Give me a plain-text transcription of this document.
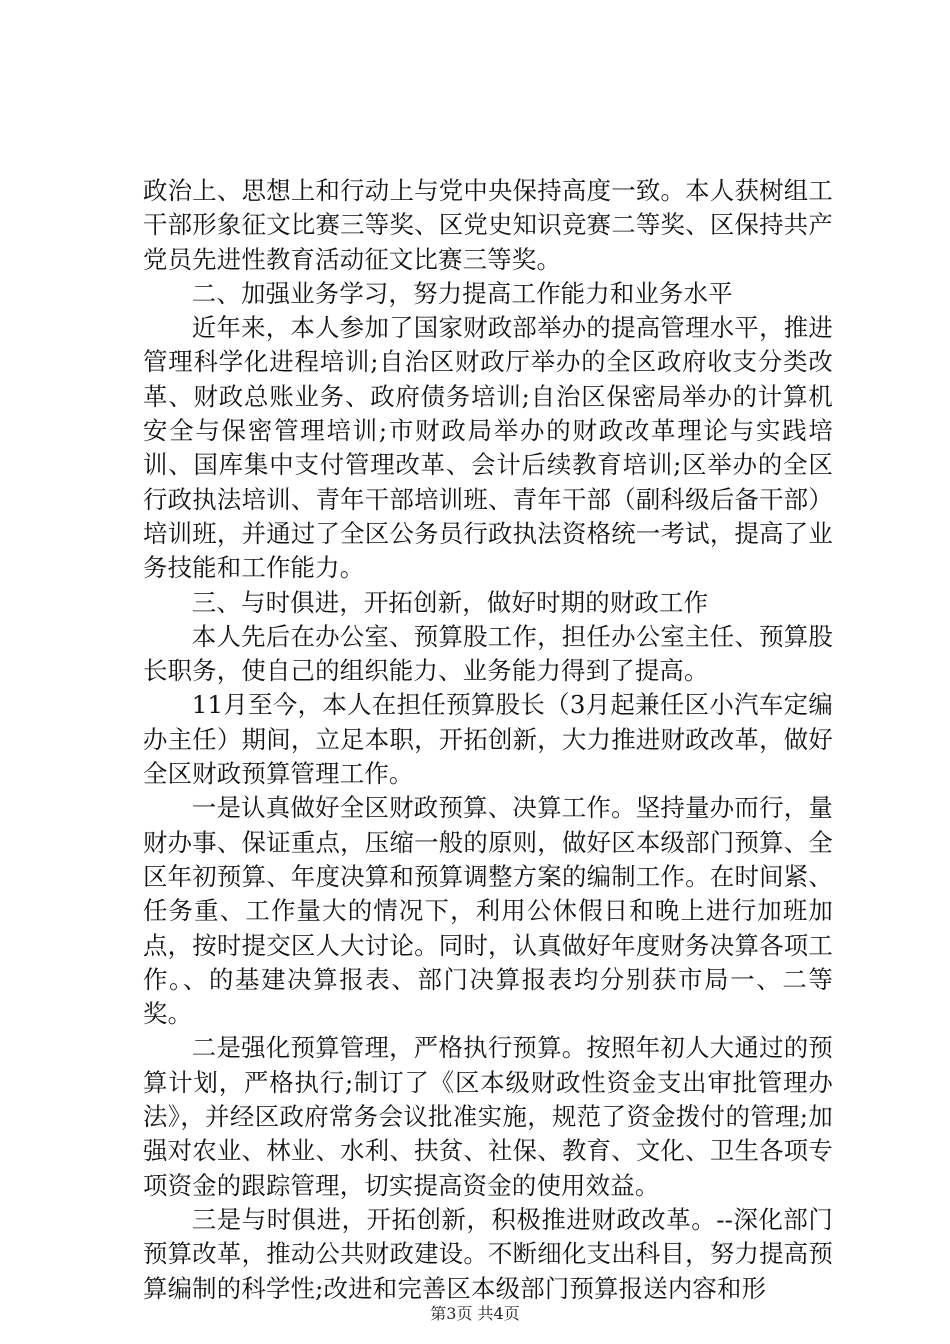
政治上、思想上和行动上与党中央保持高度一致。本人获树组工干部形象征文比赛三等奖、区党史知识竞赛二等奖、区保持共产党员先进性教育活动征文比赛三等奖。

二、加强业务学习，努力提高工作能力和业务水平

近年来，本人参加了国家财政部举办的提高管理水平，推进管理科学化进程培训;自治区财政厅举办的全区政府收支分类改革、财政总账业务、政府债务培训;自治区保密局举办的计算机安全与保密管理培训;市财政局举办的财政改革理论与实践培训、国库集中支付管理改革、会计后续教育培训;区举办的全区行政执法培训、青年干部培训班、青年干部（副科级后备干部）培训班，并通过了全区公务员行政执法资格统一考试，提高了业务技能和工作能力。

三、与时俱进，开拓创新，做好时期的财政工作

本人先后在办公室、预算股工作，担任办公室主任、预算股长职务，使自己的组织能力、业务能力得到了提高。

11月至今，本人在担任预算股长（3月起兼任区小汽车定编办主任）期间，立足本职，开拓创新，大力推进财政改革，做好全区财政预算管理工作。

一是认真做好全区财政预算、决算工作。坚持量办而行，量财办事、保证重点，压缩一般的原则，做好区本级部门预算、全区年初预算、年度决算和预算调整方案的编制工作。在时间紧、任务重、工作量大的情况下，利用公休假日和晚上进行加班加点，按时提交区人大讨论。同时，认真做好年度财务决算各项工作。、的基建决算报表、部门决算报表均分别获市局一、二等奖。

二是强化预算管理，严格执行预算。按照年初人大通过的预算计划，严格执行;制订了《区本级财政性资金支出审批管理办法》，并经区政府常务会议批准实施，规范了资金拨付的管理;加强对农业、林业、水利、扶贫、社保、教育、文化、卫生各项专项资金的跟踪管理，切实提高资金的使用效益。

三是与时俱进，开拓创新，积极推进财政改革。--深化部门预算改革，推动公共财政建设。不断细化支出科目，努力提高预算编制的科学性;改进和完善区本级部门预算报送内容和形

第3页 共4页
